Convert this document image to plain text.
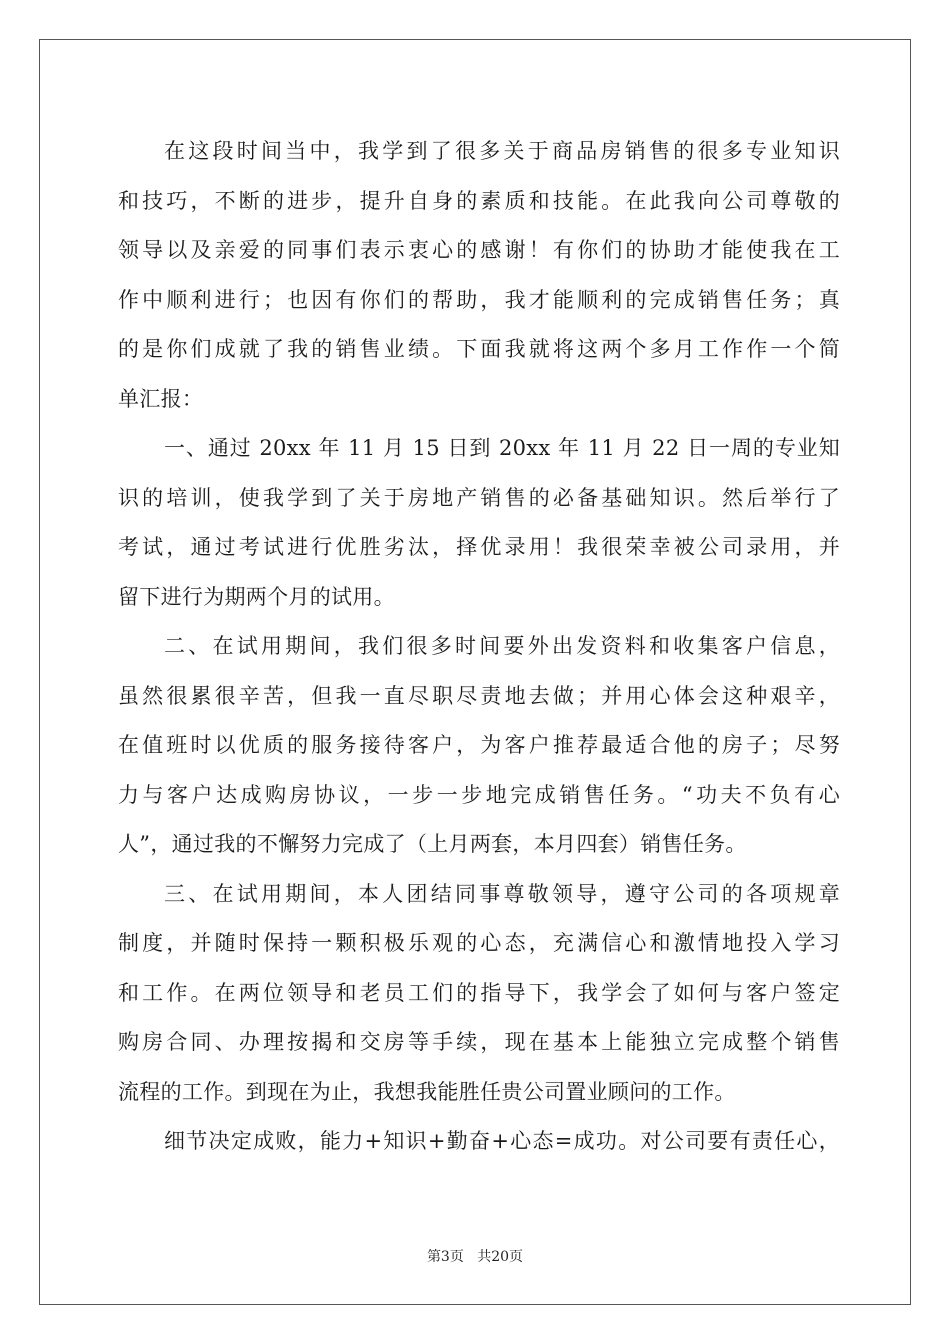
在这段时间当中，我学到了很多关于商品房销售的很多专业知识
和技巧，不断的进步，提升自身的素质和技能。在此我向公司尊敬的
领导以及亲爱的同事们表示衷心的感谢！有你们的协助才能使我在工
作中顺利进行；也因有你们的帮助，我才能顺利的完成销售任务；真
的是你们成就了我的销售业绩。下面我就将这两个多月工作作一个简
单汇报：
一、通过 20xx 年 11 月 15 日到 20xx 年 11 月 22 日一周的专业知
识的培训，使我学到了关于房地产销售的必备基础知识。然后举行了
考试，通过考试进行优胜劣汰，择优录用！我很荣幸被公司录用，并
留下进行为期两个月的试用。
二、在试用期间，我们很多时间要外出发资料和收集客户信息，
虽然很累很辛苦，但我一直尽职尽责地去做；并用心体会这种艰辛，
在值班时以优质的服务接待客户，为客户推荐最适合他的房子；尽努
力与客户达成购房协议，一步一步地完成销售任务。“功夫不负有心
人”，通过我的不懈努力完成了（上月两套，本月四套）销售任务。
三、在试用期间，本人团结同事尊敬领导，遵守公司的各项规章
制度，并随时保持一颗积极乐观的心态，充满信心和激情地投入学习
和工作。在两位领导和老员工们的指导下，我学会了如何与客户签定
购房合同、办理按揭和交房等手续，现在基本上能独立完成整个销售
流程的工作。到现在为止，我想我能胜任贵公司置业顾问的工作。
细节决定成败，能力+知识+勤奋+心态=成功。对公司要有责任心，
第3页 共20页
